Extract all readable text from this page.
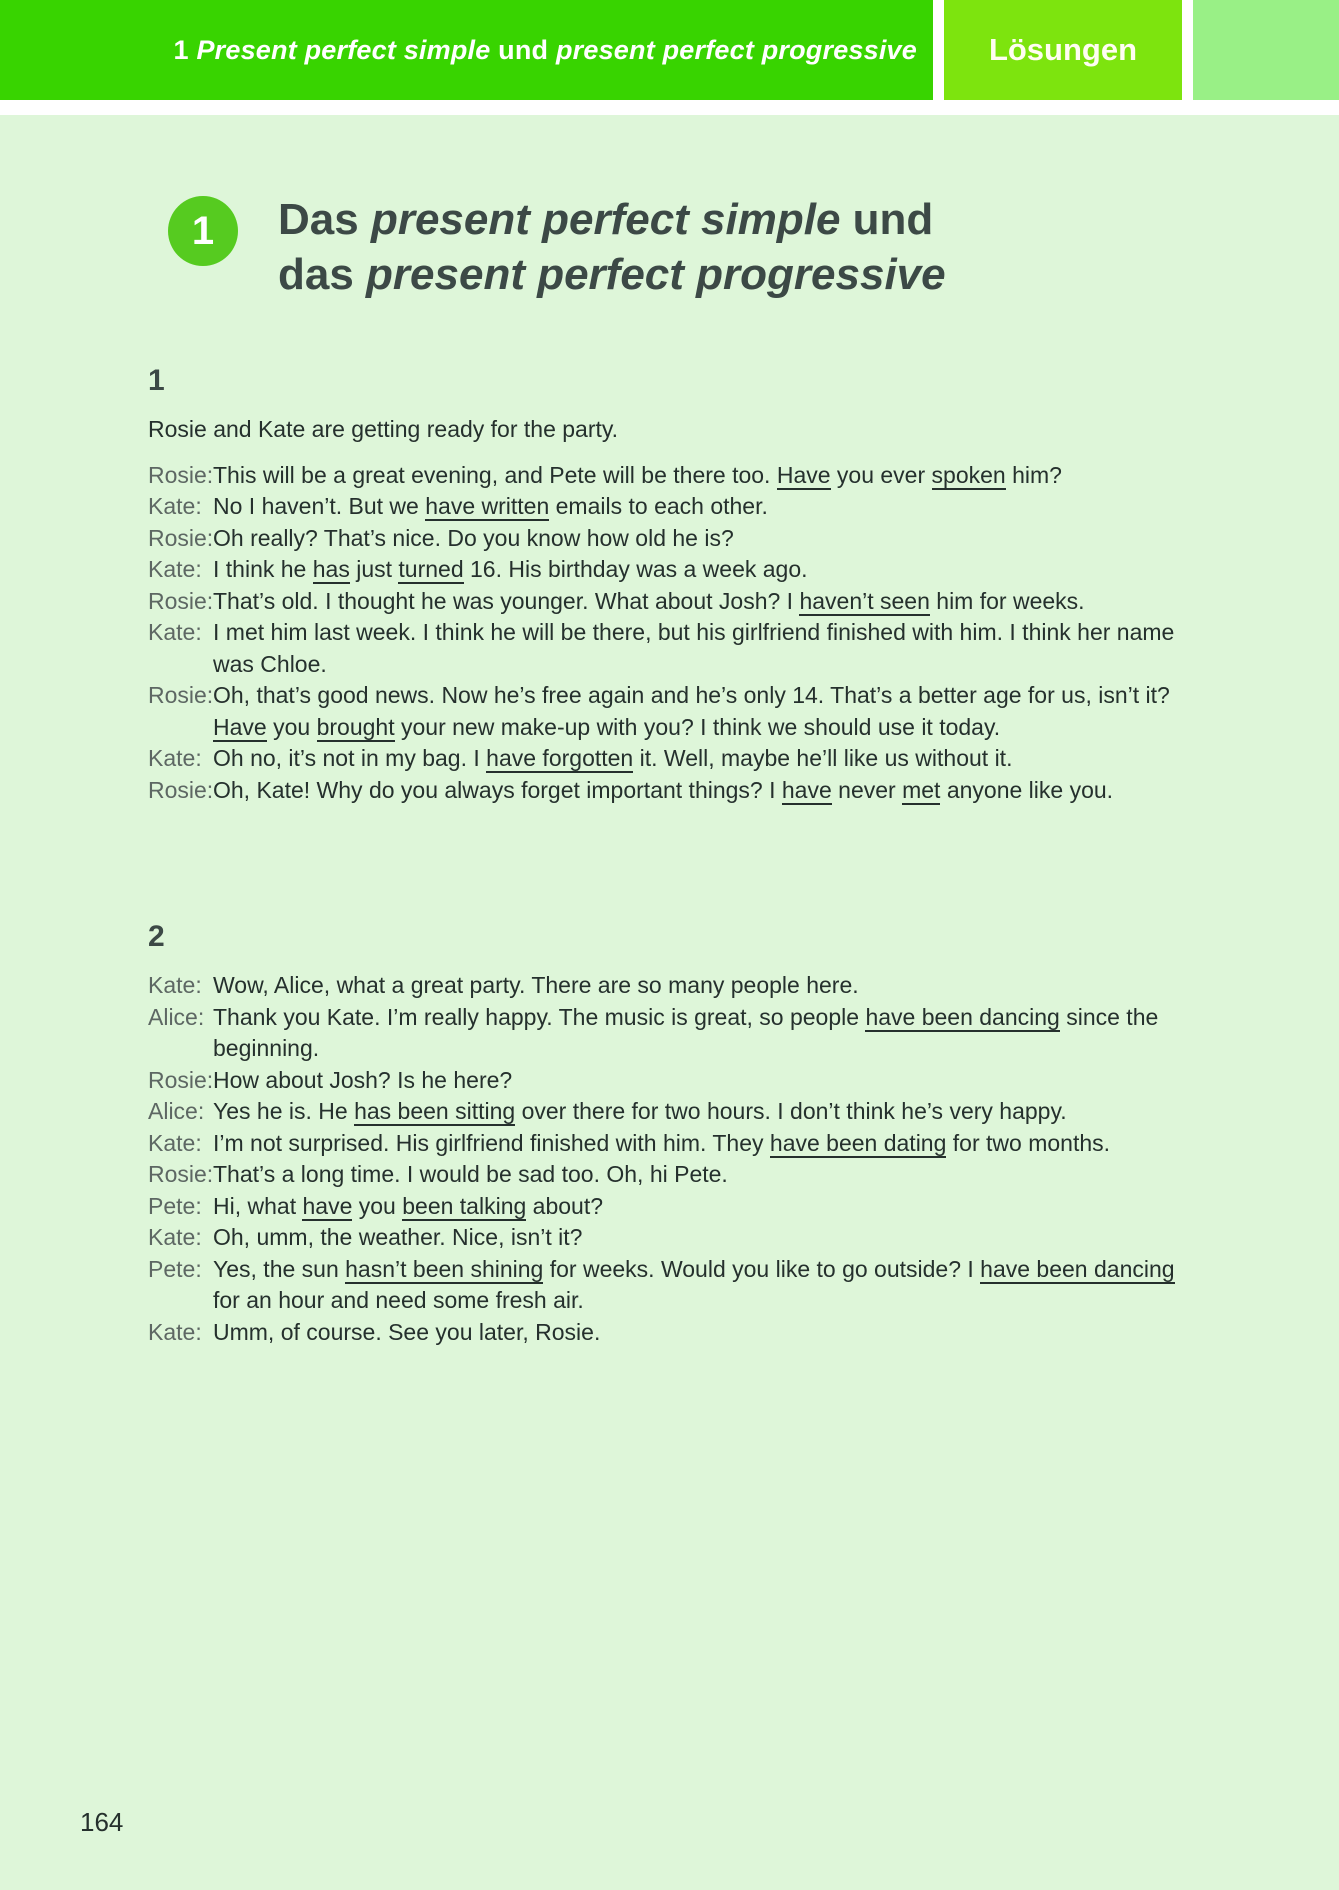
1 Present perfect simple und present perfect progressive Lösungen
1 Das present perfect simple und
das present perfect progressive
1

Rosie and Kate are getting ready for the party.

Rosie: This will be a great evening, and Pete will be there too. Have you ever spoken him?
Kate: No I haven’t. But we have written emails to each other.
Rosie: Oh really? That’s nice. Do you know how old he is?
Kate: I think he has just turned 16. His birthday was a week ago.
Rosie: That’s old. I thought he was younger. What about Josh? I haven’t seen him for weeks.
Kate: I met him last week. I think he will be there, but his girlfriend finished with him. I think her name was Chloe.
Rosie: Oh, that’s good news. Now he’s free again and he’s only 14. That’s a better age for us, isn’t it? Have you brought your new make-up with you? I think we should use it today.
Kate: Oh no, it’s not in my bag. I have forgotten it. Well, maybe he’ll like us without it.
Rosie: Oh, Kate! Why do you always forget important things? I have never met anyone like you.
2
Kate: Wow, Alice, what a great party. There are so many people here.
Alice: Thank you Kate. I’m really happy. The music is great, so people have been dancing since the beginning.
Rosie: How about Josh? Is he here?
Alice: Yes he is. He has been sitting over there for two hours. I don’t think he’s very happy.
Kate: I’m not surprised. His girlfriend finished with him. They have been dating for two months.
Rosie: That’s a long time. I would be sad too. Oh, hi Pete.
Pete: Hi, what have you been talking about?
Kate: Oh, umm, the weather. Nice, isn’t it?
Pete: Yes, the sun hasn’t been shining for weeks. Would you like to go outside? I have been dancing for an hour and need some fresh air.
Kate: Umm, of course. See you later, Rosie.
164
